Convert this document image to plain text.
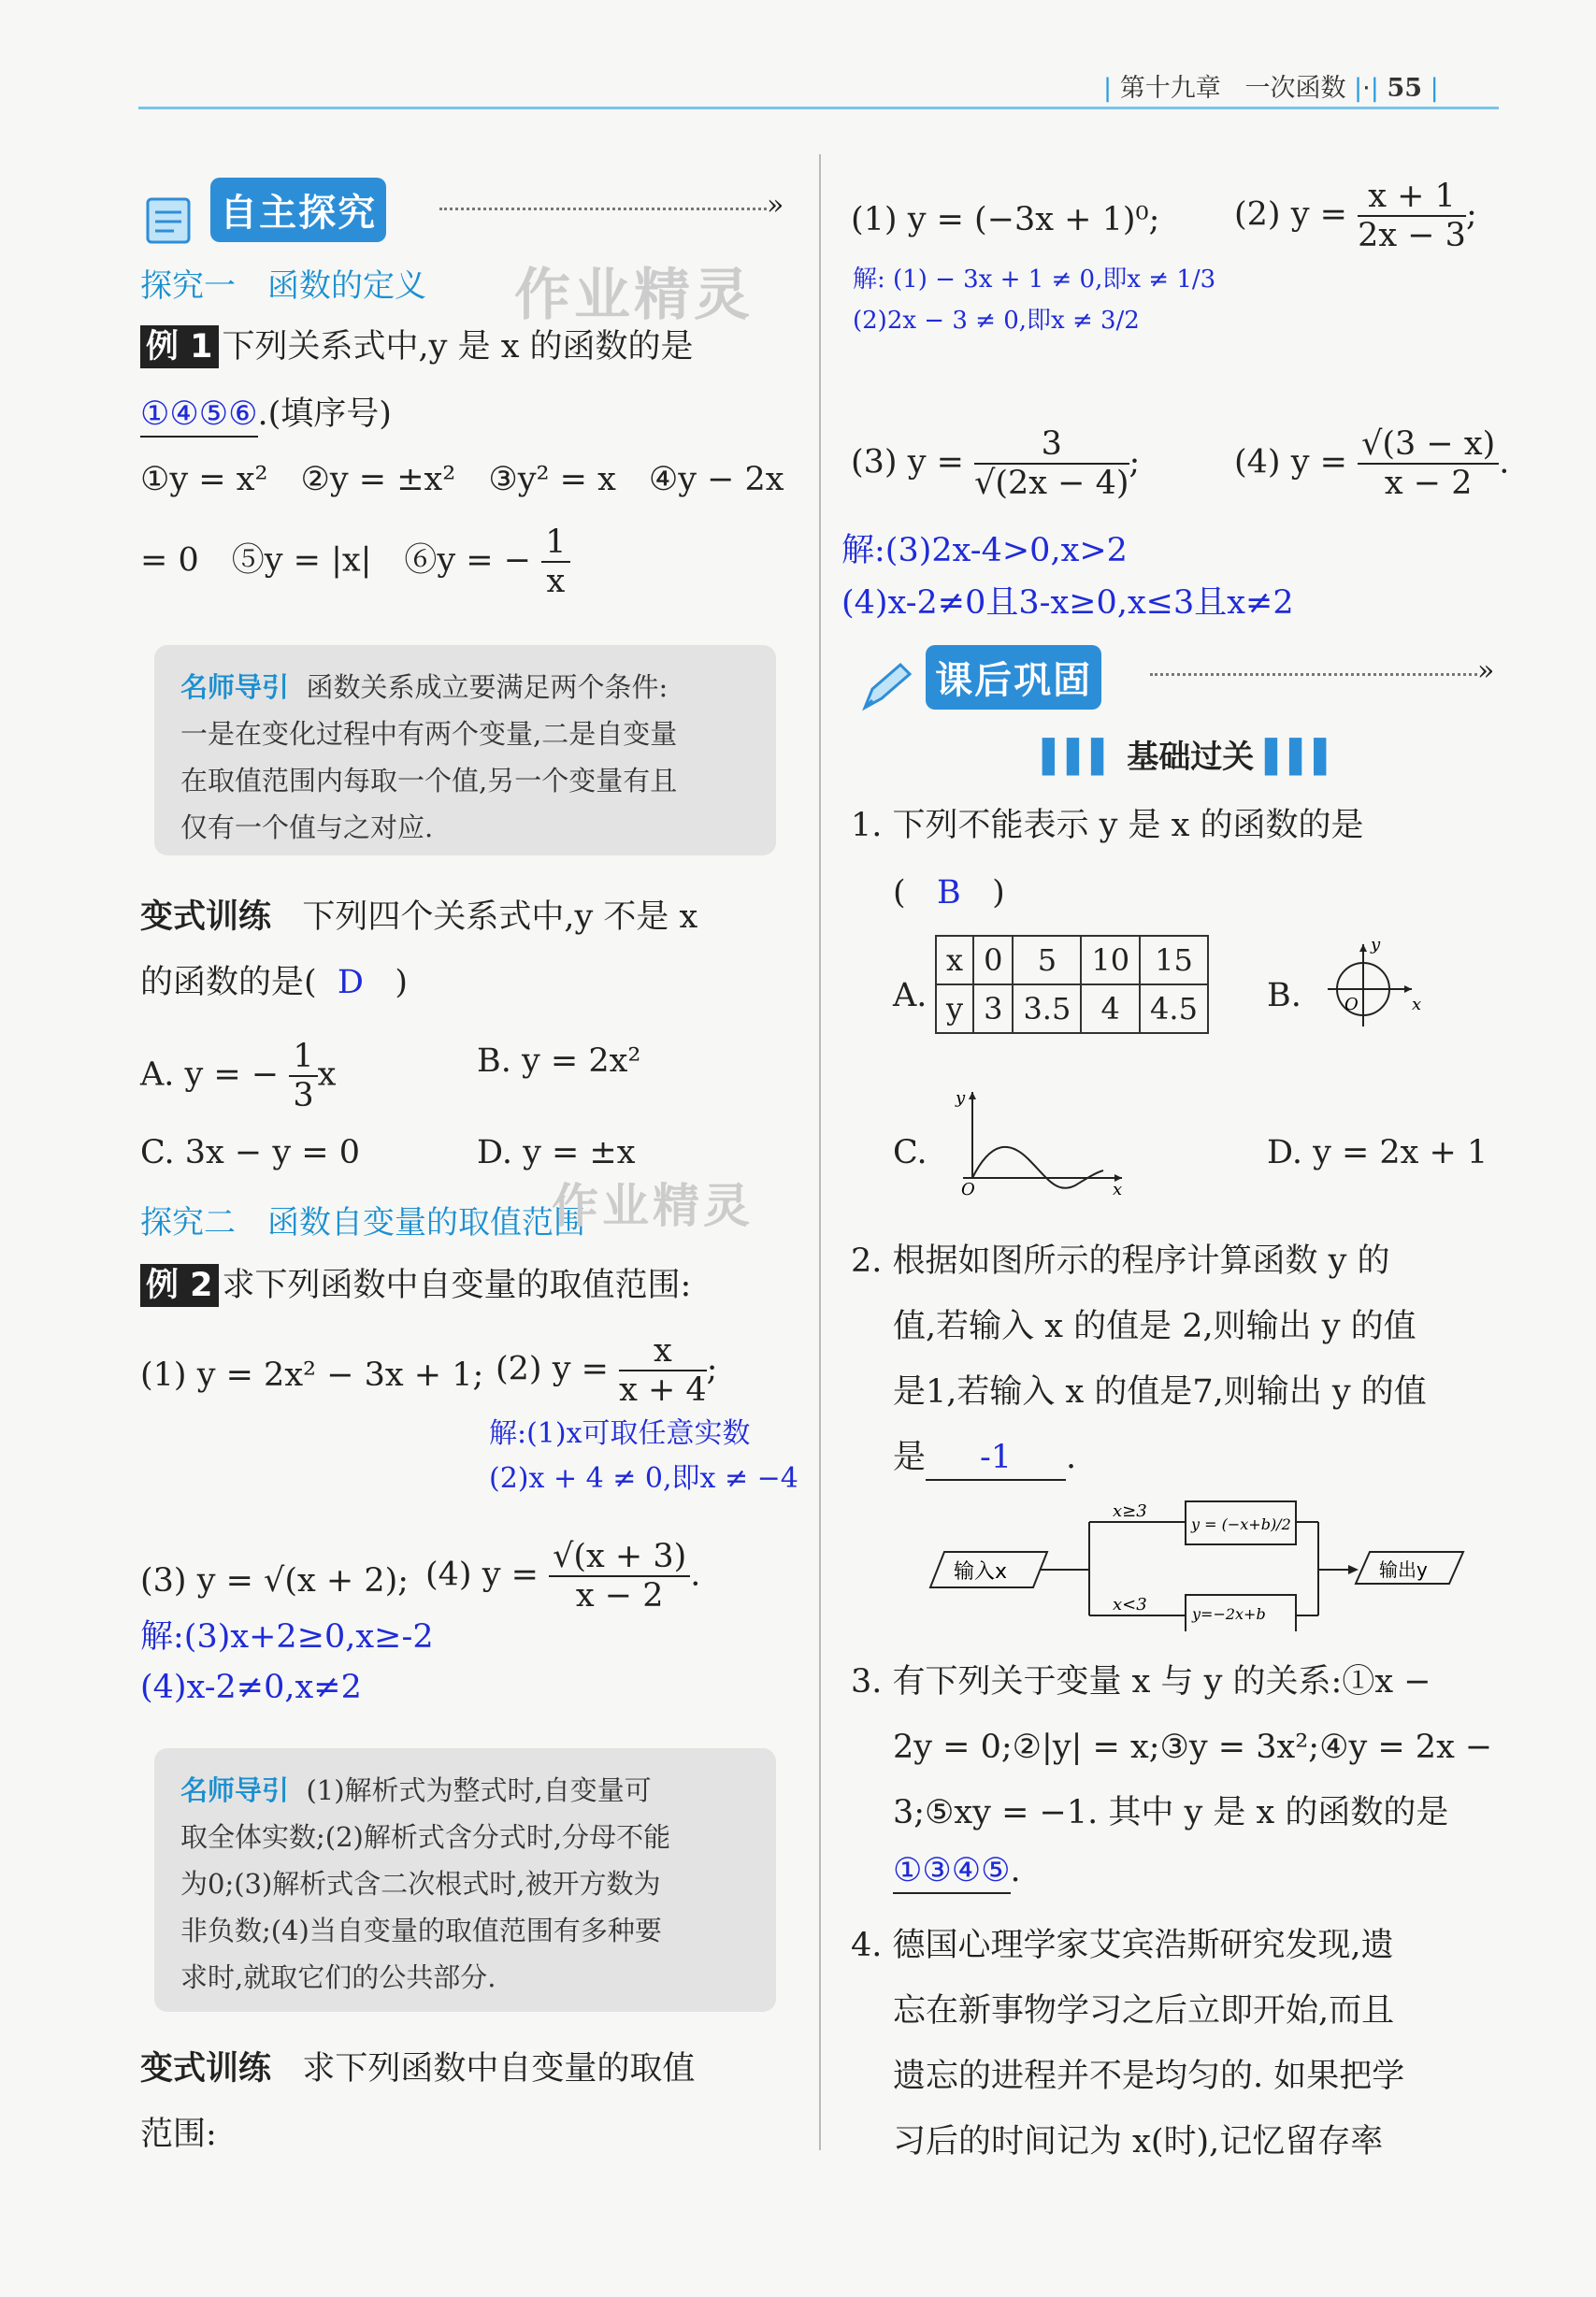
| 第十九章 一次函数 |·| 55 |
自主探究	»
探究一　函数的定义 作业精灵
例 1 下列关系式中,y 是 x 的函数的是
①④⑤⑥.(填序号)
①y = x²　②y = ±x²　③y² = x　④y − 2x
= 0　⑤y = |x|　⑥y = − $\frac{1}{x}$
名师导引 函数关系成立要满足两个条件:
一是在变化过程中有两个变量,二是自变量
在取值范围内每取一个值,另一个变量有且
仅有一个值与之对应.
变式训练 下列四个关系式中,y 不是 x
的函数的是( D )
A. y = − $\frac{1}{3}$ x	B. y = 2x²
C. 3x − y = 0	D. y = ±x
探究二　函数自变量的取值范围
作业精灵
例 2 求下列函数中自变量的取值范围:
(1) y = 2x² − 3x + 1; (2) $y = \frac{x}{x + 4}$ ;
解:(1)x可取任意实数
(2)x + 4 ≠ 0,即x ≠ −4
(3) y = √(x + 2); (4) $y = \frac{√(x + 3)}{x - 2}$ .
解:(3)x+2≥0,x≥-2
(4)x-2≠0,x≠2
名师导引 (1)解析式为整式时,自变量可
取全体实数;(2)解析式含分式时,分母不能
为0;(3)解析式含二次根式时,被开方数为
非负数;(4)当自变量的取值范围有多种要
求时,就取它们的公共部分.
变式训练 求下列函数中自变量的取值
范围:
(1) y = (−3x + 1)⁰; (2) $y = \frac{x + 1}{2x - 3}$ ;
解: (1) − 3x + 1 ≠ 0,即x ≠ 1/3
(2)2x − 3 ≠ 0,即x ≠ 3/2
(3) $y = \frac{3}{√(2x - 4)}$ ;	(4) $y = \frac{√(3 - x)}{x - 2}$ .
解:(3)2x-4>0,x>2
(4)x-2≠0且3-x≥0,x≤3且x≠2
课后巩固	»
▌▌▌ 基础过关 ▌▌▌
1. 下列不能表示 y 是 x 的函数的是
( B )
A.
x	0	5	10	15
y	3	3.5	4	4.5 B.
y
x
O
C.
y
x
O
D. y = 2x + 1
2. 根据如图所示的程序计算函数 y 的
值,若输入 x 的值是 2,则输出 y 的值
是1,若输入 x 的值是7,则输出 y 的值
是 -1 .
输入x
x≥3
x<3
y = (−x+b)/2
y=−2x+b
输出y
3. 有下列关于变量 x 与 y 的关系:①x −
2y = 0;②|y| = x;③y = 3x²;④y = 2x −
3;⑤xy = −1. 其中 y 是 x 的函数的是
①③④⑤.
4. 德国心理学家艾宾浩斯研究发现,遗
忘在新事物学习之后立即开始,而且
遗忘的进程并不是均匀的. 如果把学
习后的时间记为 x(时),记忆留存率
